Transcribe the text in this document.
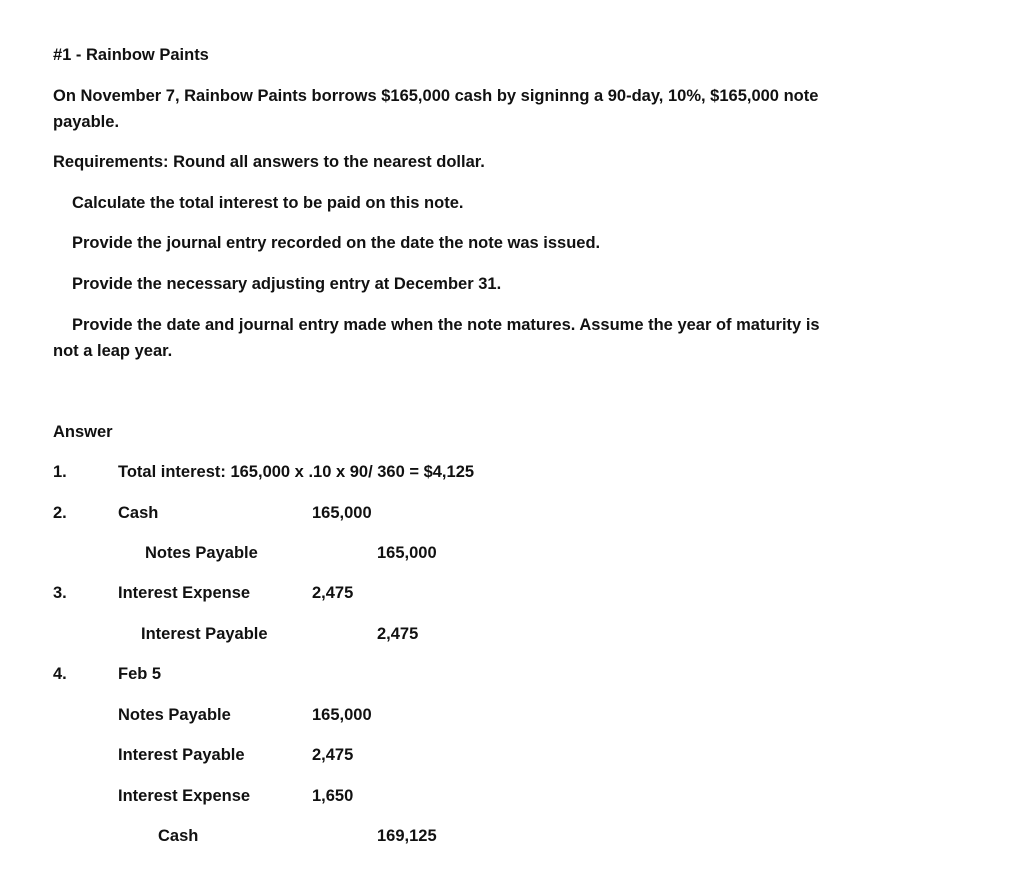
#1 - Rainbow Paints
On November 7, Rainbow Paints borrows $165,000 cash by signinng a 90-day, 10%, $165,000 note
payable.
Requirements: Round all answers to the nearest dollar.
Calculate the total interest to be paid on this note.
Provide the journal entry recorded on the date the note was issued.
Provide the necessary adjusting entry at December 31.
Provide the date and journal entry made when the note matures. Assume the year of maturity is
not a leap year.
Answer
1.	Total interest: 165,000 x .10 x 90/ 360 = $4,125
2.	Cash	165,000
Notes Payable	165,000
3.	Interest Expense	2,475
Interest Payable	2,475
4.	Feb 5
Notes Payable	165,000
Interest Payable	2,475
Interest Expense	1,650
Cash	169,125
